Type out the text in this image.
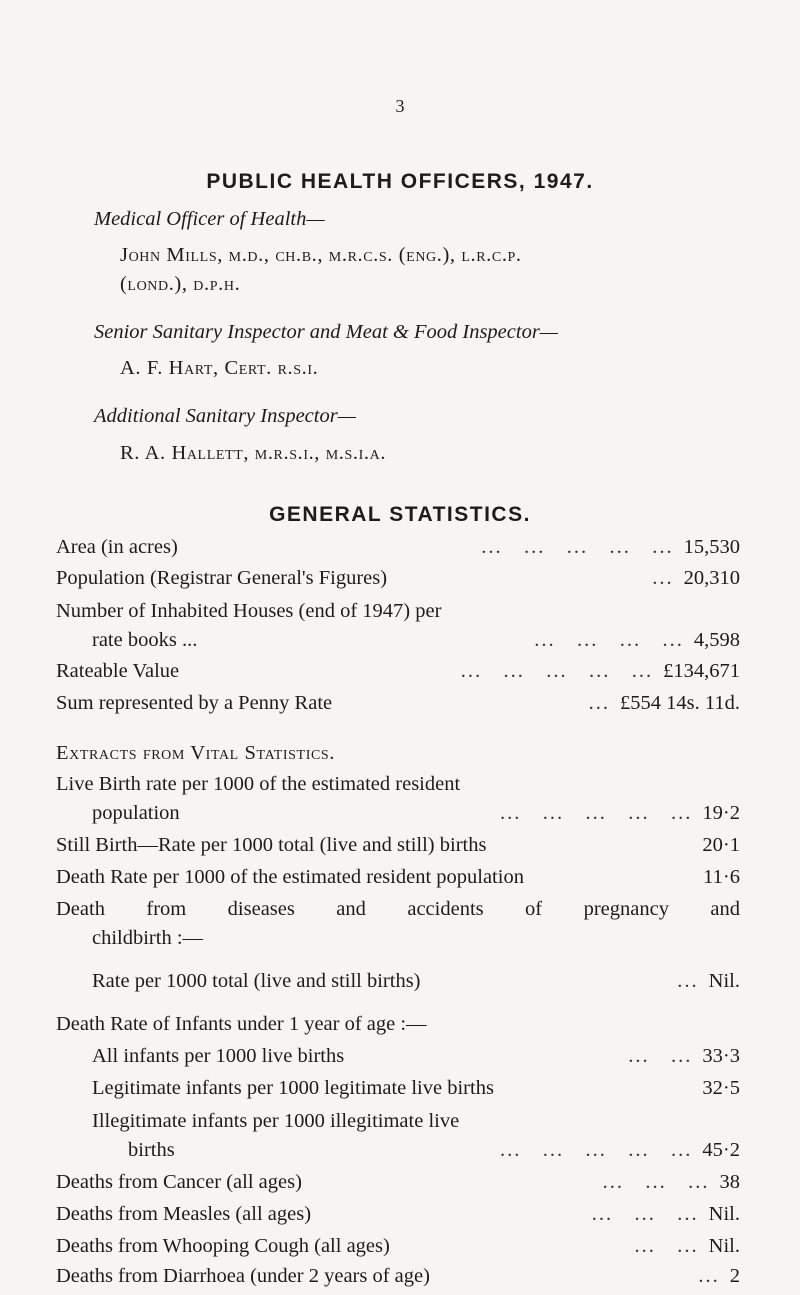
3
PUBLIC HEALTH OFFICERS, 1947.
Medical Officer of Health—
John Mills, m.d., ch.b., m.r.c.s. (eng.), l.r.c.p.
(lond.), d.p.h.
Senior Sanitary Inspector and Meat & Food Inspector—
A. F. Hart, Cert. r.s.i.
Additional Sanitary Inspector—
R. A. Hallett, m.r.s.i., m.s.i.a.
GENERAL STATISTICS.
Area (in acres)	...   ...   ...   ...   ... 15,530
Population (Registrar General's Figures)	... 20,310
Number of Inhabited Houses (end of 1947) per
rate books ...	...   ...   ...   ... 4,598
Rateable Value	...   ...   ...   ...   ... £134,671
Sum represented by a Penny Rate	... £554 14s. 11d.
Extracts from Vital Statistics.
Live Birth rate per 1000 of the estimated resident
population	...   ...   ...   ...   ... 19·2
Still Birth—Rate per 1000 total (live and still) births	20·1
Death Rate per 1000 of the estimated resident population	11·6
Death from diseases and accidents of pregnancy and
childbirth :—
Rate per 1000 total (live and still births)	... Nil.
Death Rate of Infants under 1 year of age :—
All infants per 1000 live births	...   ... 33·3
Legitimate infants per 1000 legitimate live births	32·5
Illegitimate infants per 1000 illegitimate live
births	...   ...   ...   ...   ... 45·2
Deaths from Cancer (all ages)	...   ...   ... 38
Deaths from Measles (all ages)	...   ...   ... Nil.
Deaths from Whooping Cough (all ages)	...   ... Nil.
Deaths from Diarrhoea (under 2 years of age)	... 2
